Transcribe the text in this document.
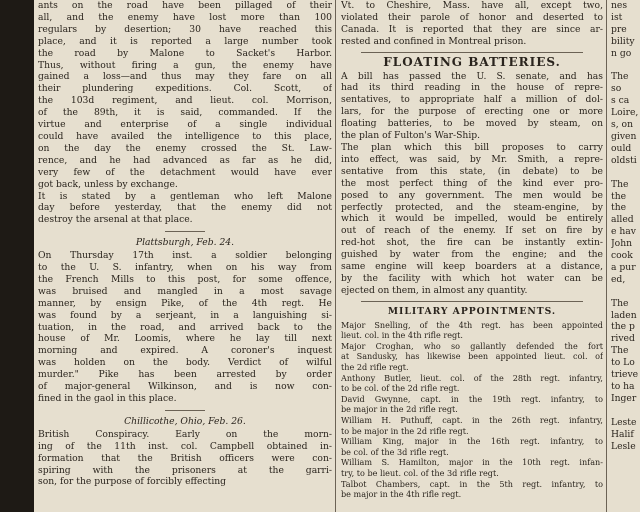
ants on the road have been pillaged of their
all, and the enemy have lost more than 100
regulars by desertion; 30 have reached this
place, and it is reported a large number took
the road by Malone to Sacket's Harbor.
Thus, without firing a gun, the enemy have
gained a loss—and thus may they fare on all
their plundering expeditions. Col. Scott, of
the 103d regiment, and lieut. col. Morrison,
of the 89th, it is said, commanded. If the
virtue and enterprise of a single individual
could have availed the intelligence to this place,
on the day the enemy crossed the St. Law-
rence, and he had advanced as far as he did,
very few of the detachment would have ever
got back, unless by exchange.
It is stated by a gentleman who left Malone
day before yesterday, that the enemy did not
destroy the arsenal at that place.
Plattsburgh, Feb. 24.
On Thursday 17th inst. a soldier belonging
to the U. S. infantry, when on his way from
the French Mills to this post, for some offence,
was bruised and mangled in a most savage
manner, by ensign Pike, of the 4th regt. He
was found by a serjeant, in a languishing si-
tuation, in the road, and arrived back to the
house of Mr. Loomis, where he lay till next
morning and expired. A coroner's inquest
was holden on the body. Verdict of wilful
murder." Pike has been arrested by order
of major-general Wilkinson, and is now con-
fined in the gaol in this place.
Chillicothe, Ohio, Feb. 26.
British Conspiracy. Early on the morn-
ing of the 11th inst. col. Campbell obtained in-
formation that the British officers were con-
spiring with the prisoners at the garri-
son, for the purpose of forcibly effecting
Vt. to Cheshire, Mass. have all, except two,
violated their parole of honor and deserted to
Canada. It is reported that they are since ar-
rested and confined in Montreal prison.
FLOATING BATTERIES.
A bill has passed the U. S. senate, and has
had its third reading in the house of repre-
sentatives, to appropriate half a million of dol-
lars, for the purpose of erecting one or more
floating batteries, to be moved by steam, on
the plan of Fulton's War-Ship.
The plan which this bill proposes to carry
into effect, was said, by Mr. Smith, a repre-
sentative from this state, (in debate) to be
the most perfect thing of the kind ever pro-
posed to any government. The men would be
perfectly protected, and the steam-engine, by
which it would be impelled, would be entirely
out of reach of the enemy. If set on fire by
red-hot shot, the fire can be instantly extin-
guished by water from the engine; and the
same engine will keep boarders at a distance,
by the facility with which hot water can be
ejected on them, in almost any quantity.
MILITARY APPOINTMENTS.
Major Snelling, of the 4th regt. has been appointed
lieut. col. in the 4th rifle regt.
Major Croghan, who so gallantly defended the fort
at Sandusky, has likewise been appointed lieut. col. of
the 2d rifle regt.
Anthony Butler, lieut. col. of the 28th regt. infantry,
to be col. of the 2d rifle regt.
David Gwynne, capt. in the 19th regt. infantry, to
be major in the 2d rifle regt.
William H. Puthuff, capt. in the 26th regt. infantry,
to be major in the 2d rifle regt.
William King, major in the 16th regt. infantry, to
be col. of the 3d rifle regt.
William S. Hamilton, major in the 10th regt. infan-
try, to be lieut. col. of the 3d rifle regt.
Talbot Chambers, capt. in the 5th regt. infantry, to
be major in the 4th rifle regt.
nes
ist
pre
bility
n go

The
so
s ca
Loire,
s, on
given
ould
oldsti

The
the
the
alled
e hav
John
cook
a pur
ed,

The
laden
the p
rived
The
to Lo
trieve
to ha
Inger

Leste
Halif
Lesle
